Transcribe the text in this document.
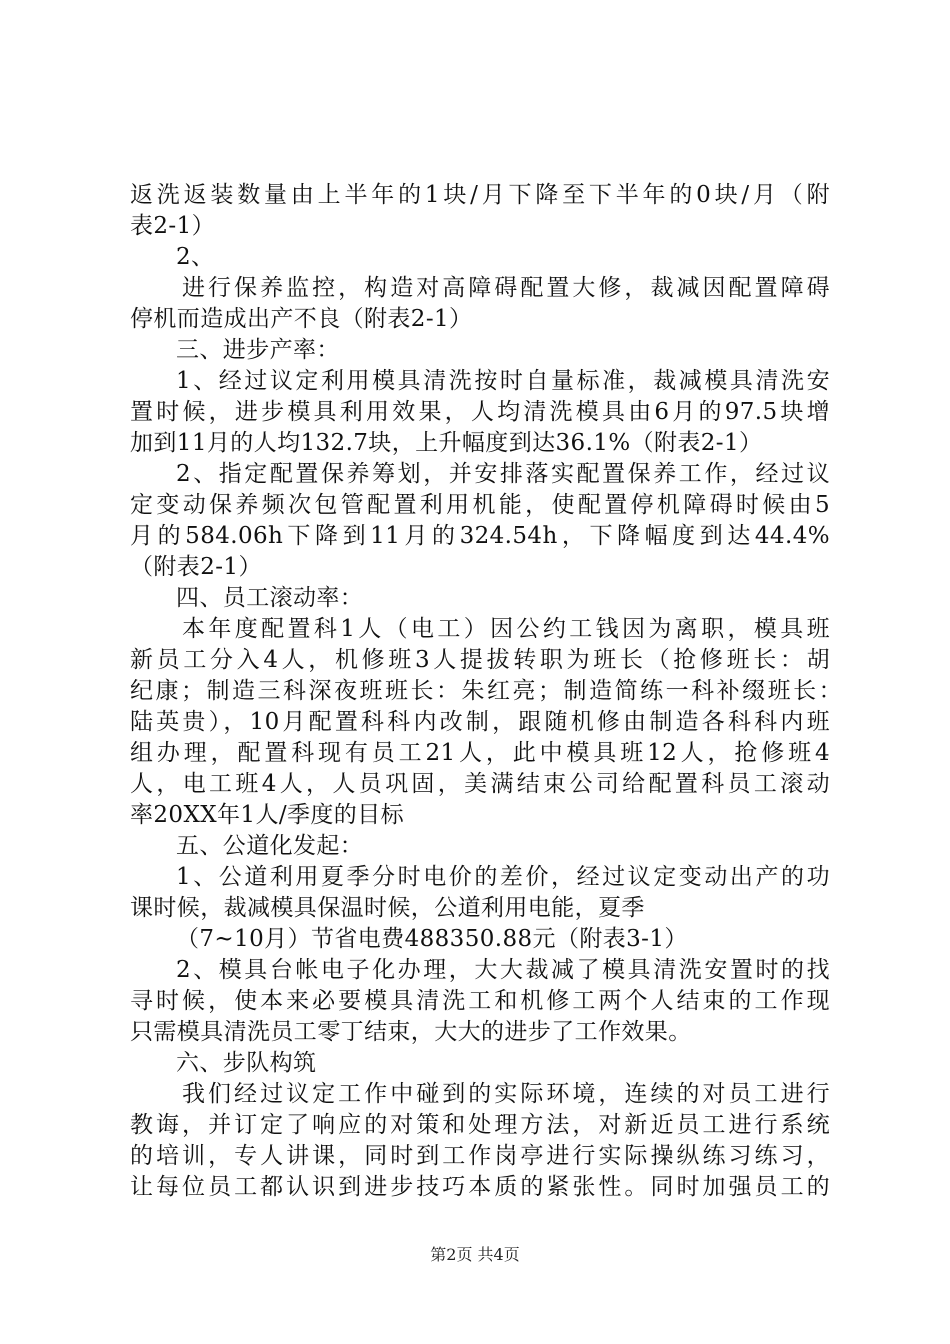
返洗返装数量由上半年的1块/月下降至下半年的0块/月（附
表2-1）
2、
进行保养监控，构造对高障碍配置大修，裁减因配置障碍
停机而造成出产不良（附表2-1）
三、进步产率：
1、经过议定利用模具清洗按时自量标准，裁减模具清洗安
置时候，进步模具利用效果，人均清洗模具由6月的97.5块增
加到11月的人均132.7块，上升幅度到达36.1%（附表2-1）
2、指定配置保养筹划，并安排落实配置保养工作，经过议
定变动保养频次包管配置利用机能，使配置停机障碍时候由5
月的584.06h下降到11月的324.54h，下降幅度到达44.4%
（附表2-1）
四、员工滚动率：
本年度配置科1人（电工）因公约工钱因为离职，模具班
新员工分入4人，机修班3人提拔转职为班长（抢修班长：胡
纪康；制造三科深夜班班长：朱红亮；制造简练一科补缀班长：
陆英贵），10月配置科科内改制，跟随机修由制造各科科内班
组办理，配置科现有员工21人，此中模具班12人，抢修班4
人，电工班4人，人员巩固，美满结束公司给配置科员工滚动
率20XX年1人/季度的目标
五、公道化发起：
1、公道利用夏季分时电价的差价，经过议定变动出产的功
课时候，裁减模具保温时候，公道利用电能，夏季
（7~10月）节省电费488350.88元（附表3-1）
2、模具台帐电子化办理，大大裁减了模具清洗安置时的找
寻时候，使本来必要模具清洗工和机修工两个人结束的工作现
只需模具清洗员工零丁结束，大大的进步了工作效果。
六、步队构筑
我们经过议定工作中碰到的实际环境，连续的对员工进行
教诲，并订定了响应的对策和处理方法，对新近员工进行系统
的培训，专人讲课，同时到工作岗亭进行实际操纵练习练习，
让每位员工都认识到进步技巧本质的紧张性。同时加强员工的
第2页 共4页
